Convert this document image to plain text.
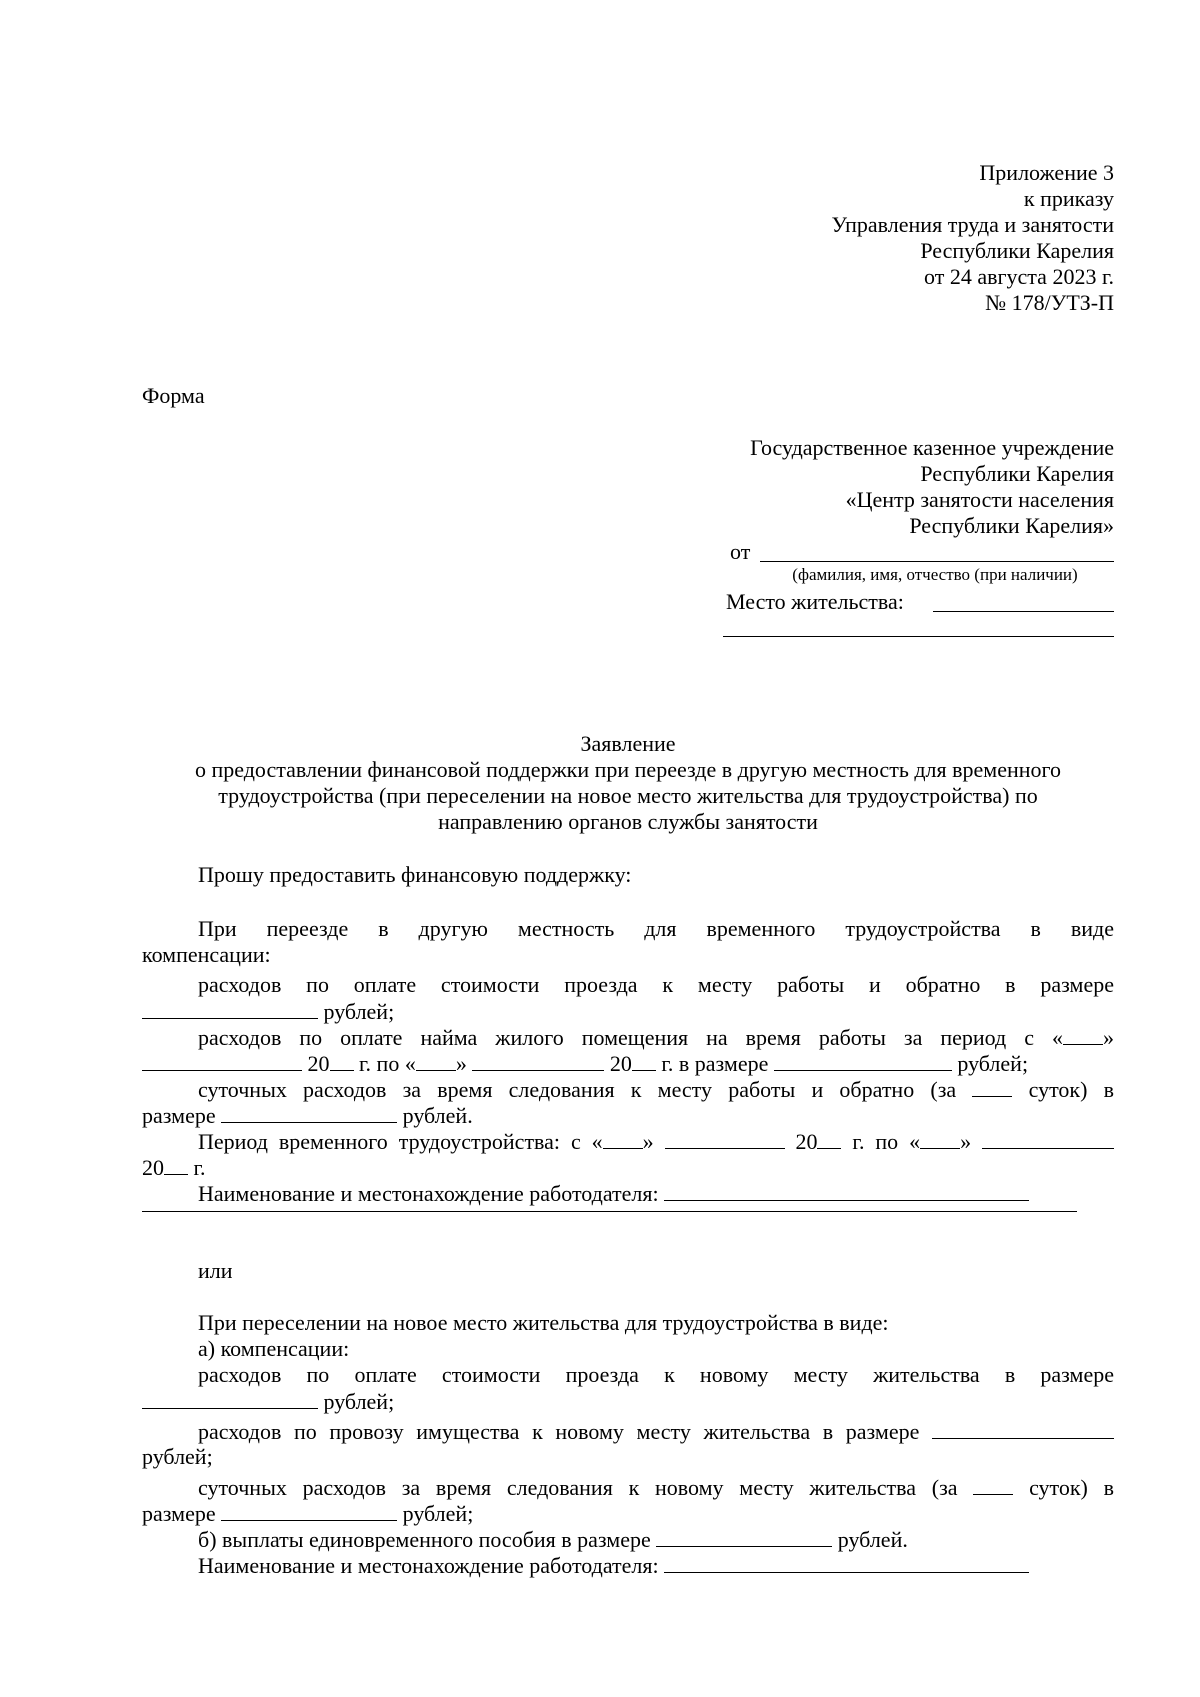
Приложение 3
к приказу
Управления труда и занятости
Республики Карелия
от 24 августа 2023 г.
№ 178/УТЗ-П
Форма
Государственное казенное учреждение
Республики Карелия
«Центр занятости населения
Республики Карелия»
от
(фамилия, имя, отчество (при наличии)
Место жительства:
Заявление
о предоставлении финансовой поддержки при переезде в другую местность для временного
трудоустройства (при переселении на новое место жительства для трудоустройства) по
направлению органов службы занятости
Прошу предоставить финансовую поддержку:
При переезде в другую местность для временного трудоустройства в виде
компенсации:
расходов по оплате стоимости проезда к месту работы и обратно в размере
рублей;
расходов по оплате найма жилого помещения на время работы за период с « »
20 г. по « »	20 г. в размере	рублей;
суточных расходов за время следования к месту работы и обратно (за	суток) в
размере	рублей.
Период временного трудоустройства: с « »	20 г. по « »
20 г.
Наименование и местонахождение работодателя:
или
При переселении на новое место жительства для трудоустройства в виде:
а) компенсации:
расходов по оплате стоимости проезда к новому месту жительства в размере
рублей;
расходов по провозу имущества к новому месту жительства в размере
рублей;
суточных расходов за время следования к новому месту жительства (за	суток) в
размере	рублей;
б) выплаты единовременного пособия в размере	рублей.
Наименование и местонахождение работодателя:
